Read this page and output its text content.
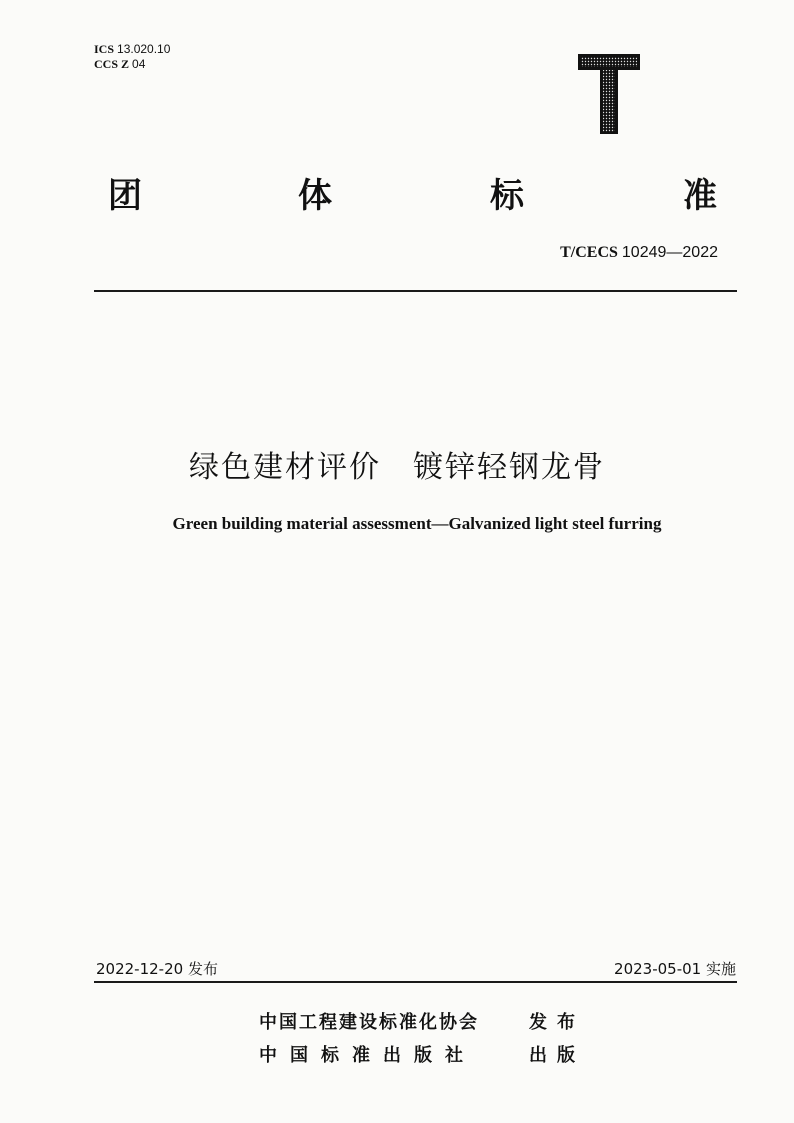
ICS 13.020.10
CCS Z 04
团	体	标	准
T/CECS 10249—2022
绿色建材评价　镀锌轻钢龙骨
Green building material assessment—Galvanized light steel furring
2022-12-20 发布	2023-05-01 实施
中国工程建设标准化协会	发布
中国标准出版社	出版
